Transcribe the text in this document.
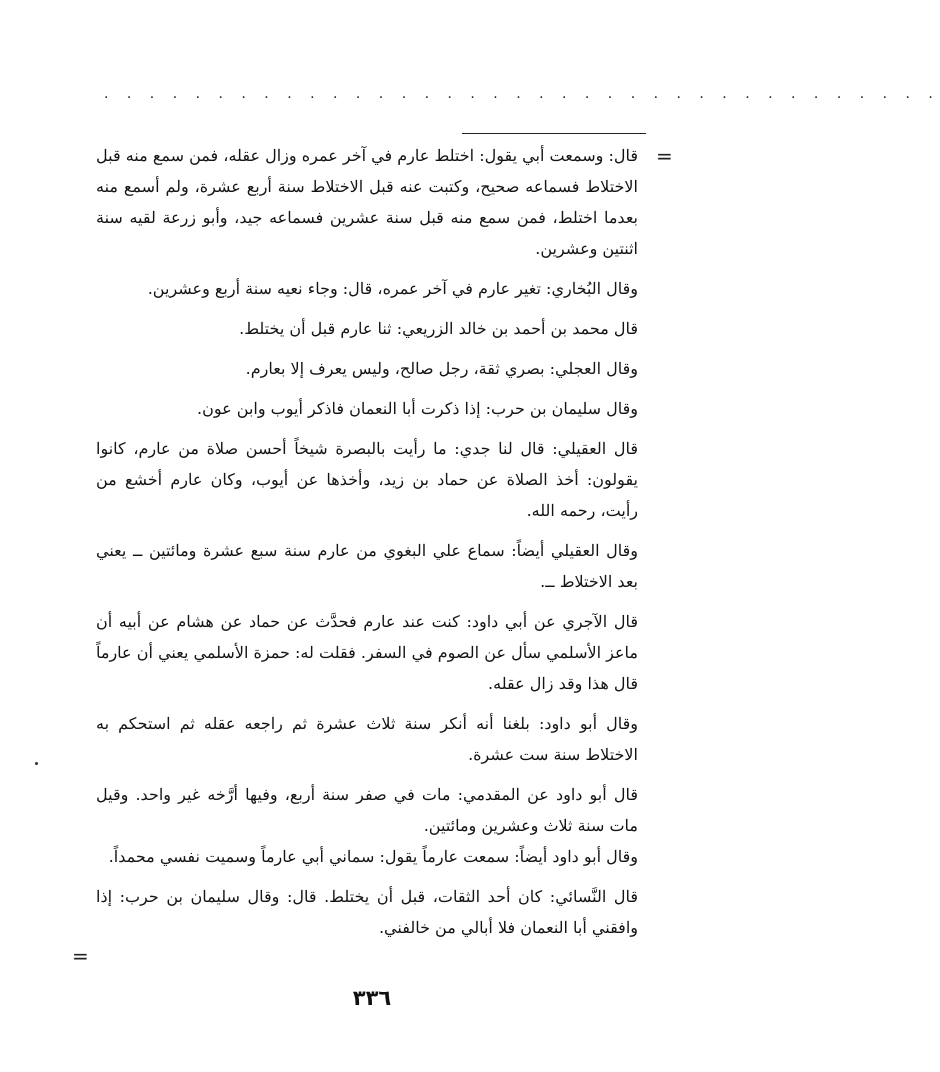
· · · · · · · · · · · · · · · · · · · · · · · · · · · · · · · · · · · · ·
=

قال: وسمعت أبي يقول: اختلط عارم في آخر عمره وزال عقله، فمن سمع منه قبل الاختلاط فسماعه صحيح، وكتبت عنه قبل الاختلاط سنة أربع عشرة، ولم أسمع منه بعدما اختلط، فمن سمع منه قبل سنة عشرين فسماعه جيد، وأبو زرعة لقيه سنة اثنتين وعشرين.

وقال البُخاري: تغير عارم في آخر عمره، قال: وجاء نعيه سنة أربع وعشرين.

قال محمد بن أحمد بن خالد الزريعي: ثنا عارم قبل أن يختلط.

وقال العجلي: بصري ثقة، رجل صالح، وليس يعرف إلا بعارم.

وقال سليمان بن حرب: إذا ذكرت أبا النعمان فاذكر أيوب وابن عون.

قال العقيلي: قال لنا جدي: ما رأيت بالبصرة شيخاً أحسن صلاة من عارم، كانوا يقولون: أخذ الصلاة عن حماد بن زيد، وأخذها عن أيوب، وكان عارم أخشع من رأيت، رحمه الله.

وقال العقيلي أيضاً: سماع علي البغوي من عارم سنة سبع عشرة ومائتين ــ يعني بعد الاختلاط ــ.

قال الآجري عن أبي داود: كنت عند عارم فحدَّث عن حماد عن هشام عن أبيه أن ماعز الأسلمي سأل عن الصوم في السفر. فقلت له: حمزة الأسلمي يعني أن عارماً قال هذا وقد زال عقله.

وقال أبو داود: بلغنا أنه أنكر سنة ثلاث عشرة ثم راجعه عقله ثم استحكم به الاختلاط سنة ست عشرة.

قال أبو داود عن المقدمي: مات في صفر سنة أربع، وفيها أرَّخه غير واحد. وقيل مات سنة ثلاث وعشرين ومائتين.

وقال أبو داود أيضاً: سمعت عارماً يقول: سماني أبي عارماً وسميت نفسي محمداً.

قال النَّسائي: كان أحد الثقات، قبل أن يختلط. قال: وقال سليمان بن حرب: إذا وافقني أبا النعمان فلا أبالي من خالفني.

=
٣٣٦
